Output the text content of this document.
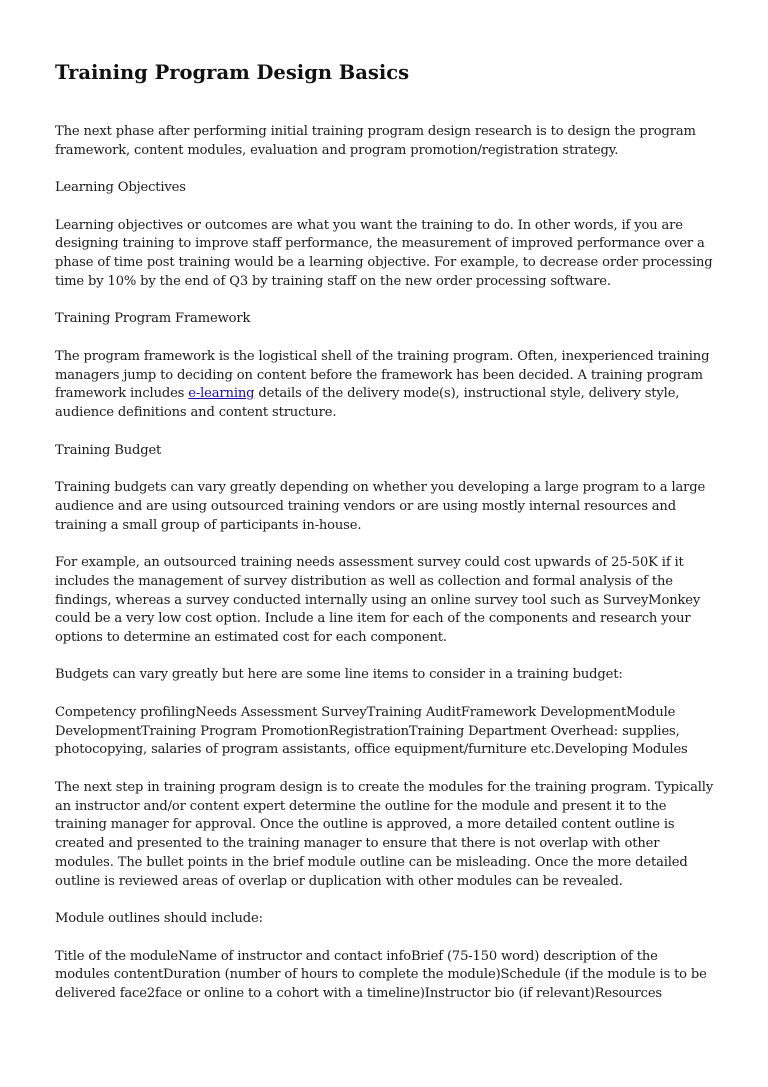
Training Program Design Basics

The next phase after performing initial training program design research is to design the program framework, content modules, evaluation and program promotion/registration strategy.

Learning Objectives

Learning objectives or outcomes are what you want the training to do. In other words, if you are designing training to improve staff performance, the measurement of improved performance over a phase of time post training would be a learning objective. For example, to decrease order processing time by 10% by the end of Q3 by training staff on the new order processing software.

Training Program Framework

The program framework is the logistical shell of the training program. Often, inexperienced training managers jump to deciding on content before the framework has been decided. A training program framework includes e-learning details of the delivery mode(s), instructional style, delivery style, audience definitions and content structure.

Training Budget

Training budgets can vary greatly depending on whether you developing a large program to a large audience and are using outsourced training vendors or are using mostly internal resources and training a small group of participants in-house.

For example, an outsourced training needs assessment survey could cost upwards of 25-50K if it includes the management of survey distribution as well as collection and formal analysis of the findings, whereas a survey conducted internally using an online survey tool such as SurveyMonkey could be a very low cost option. Include a line item for each of the components and research your options to determine an estimated cost for each component.

Budgets can vary greatly but here are some line items to consider in a training budget:

Competency profilingNeeds Assessment SurveyTraining AuditFramework DevelopmentModule DevelopmentTraining Program PromotionRegistrationTraining Department Overhead: supplies, photocopying, salaries of program assistants, office equipment/furniture etc.Developing Modules

The next step in training program design is to create the modules for the training program. Typically an instructor and/or content expert determine the outline for the module and present it to the training manager for approval. Once the outline is approved, a more detailed content outline is created and presented to the training manager to ensure that there is not overlap with other modules. The bullet points in the brief module outline can be misleading. Once the more detailed outline is reviewed areas of overlap or duplication with other modules can be revealed.

Module outlines should include:

Title of the moduleName of instructor and contact infoBrief (75-150 word) description of the modules contentDuration (number of hours to complete the module)Schedule (if the module is to be delivered face2face or online to a cohort with a timeline)Instructor bio (if relevant)Resources
